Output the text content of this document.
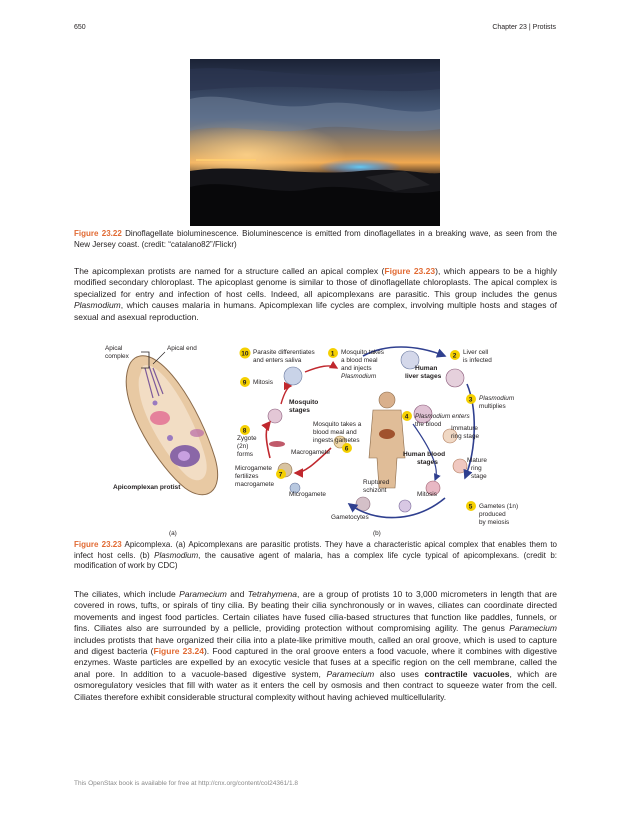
650	Chapter 23 | Protists
Figure 23.22 Dinoflagellate bioluminescence. Bioluminescence is emitted from dinoflagellates in a breaking wave, as seen from the New Jersey coast. (credit: “catalano82”/Flickr)
The apicomplexan protists are named for a structure called an apical complex (Figure 23.23), which appears to be a highly modified secondary chloroplast. The apicoplast genome is similar to those of dinoflagellate chloroplasts. The apical complex is specialized for entry and infection of host cells. Indeed, all apicomplexans are parasitic. This group includes the genus Plasmodium, which causes malaria in humans. Apicomplexan life cycles are complex, involving multiple hosts and stages of sexual and asexual reproduction.
Apical
complex
Apical end
Apicomplexan protist
(a)
1	2
3
4
5
6
7
8
9
10	Mosquito takes
a blood meal
and injects
Plasmodium
Liver cell
is infected
Human
liver stages
Plasmodium
multiplies
Plasmodium enters
the blood
Immature
ring stage
Human blood
stages	Mature
ring
stage
Gametes (1n)
produced
by meiosis
Mitosis
Ruptured
schizont
Gametocytes
Mosquito takes a
blood meal and
ingests gametes
Macrogamete
Microgamete
Microgamete
fertilizes
macrogamete
Zygote
(2n)
forms
Mitosis
Parasite differentiates
and enters saliva
Mosquito
stages
(b)
Figure 23.23 Apicomplexa. (a) Apicomplexans are parasitic protists. They have a characteristic apical complex that enables them to infect host cells. (b) Plasmodium, the causative agent of malaria, has a complex life cycle typical of apicomplexans. (credit b: modification of work by CDC)
The ciliates, which include Paramecium and Tetrahymena, are a group of protists 10 to 3,000 micrometers in length that are covered in rows, tufts, or spirals of tiny cilia. By beating their cilia synchronously or in waves, ciliates can coordinate directed movements and ingest food particles. Certain ciliates have fused cilia-based structures that function like paddles, funnels, or fins. Ciliates also are surrounded by a pellicle, providing protection without compromising agility. The genus Paramecium includes protists that have organized their cilia into a plate-like primitive mouth, called an oral groove, which is used to capture and digest bacteria (Figure 23.24). Food captured in the oral groove enters a food vacuole, where it combines with digestive enzymes. Waste particles are expelled by an exocytic vesicle that fuses at a specific region on the cell membrane, called the anal pore. In addition to a vacuole-based digestive system, Paramecium also uses contractile vacuoles, which are osmoregulatory vesicles that fill with water as it enters the cell by osmosis and then contract to squeeze water from the cell. Ciliates therefore exhibit considerable structural complexity without having achieved multicellularity.
This OpenStax book is available for free at http://cnx.org/content/col24361/1.8
